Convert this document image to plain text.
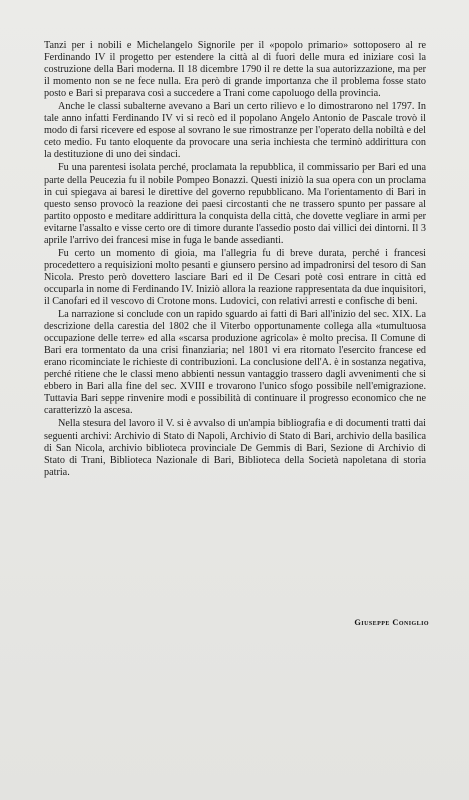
Tanzi per i nobili e Michelangelo Signorile per il «popolo primario» sottoposero al re Ferdinando IV il progetto per estendere la città al di fuori delle mura ed iniziare così la costruzione della Bari moderna. Il 18 dicembre 1790 il re dette la sua autorizzazione, ma per il momento non se ne fece nulla. Era però di grande importanza che il problema fosse stato posto e Bari si preparava così a succedere a Trani come capoluogo della provincia.

Anche le classi subalterne avevano a Bari un certo rilievo e lo dimostrarono nel 1797. In tale anno infatti Ferdinando IV vi si recò ed il popolano Angelo Antonio de Pascale trovò il modo di farsi ricevere ed espose al sovrano le sue rimostranze per l'operato della nobiltà e del ceto medio. Fu tanto eloquente da provocare una seria inchiesta che terminò addirittura con la destituzione di uno dei sindaci.

Fu una parentesi isolata perché, proclamata la repubblica, il commissario per Bari ed una parte della Peucezia fu il nobile Pompeo Bonazzi. Questi iniziò la sua opera con un proclama in cui spiegava ai baresi le direttive del governo repubblicano. Ma l'orientamento di Bari in questo senso provocò la reazione dei paesi circostanti che ne trassero spunto per passare al partito opposto e meditare addirittura la conquista della città, che dovette vegliare in armi per evitarne l'assalto e visse certo ore di timore durante l'assedio posto dai villici dei dintorni. Il 3 aprile l'arrivo dei francesi mise in fuga le bande assedianti.

Fu certo un momento di gioia, ma l'allegria fu di breve durata, perché i francesi procedettero a requisizioni molto pesanti e giunsero persino ad impadronirsi del tesoro di San Nicola. Presto però dovettero lasciare Bari ed il De Cesari potè così entrare in città ed occuparla in nome di Ferdinando IV. Iniziò allora la reazione rappresentata da due inquisitori, il Canofari ed il vescovo di Crotone mons. Ludovici, con relativi arresti e confische di beni.

La narrazione si conclude con un rapido sguardo ai fatti di Bari all'inizio del sec. XIX. La descrizione della carestia del 1802 che il Viterbo opportunamente collega alla «tumultuosa occupazione delle terre» ed alla «scarsa produzione agricola» è molto precisa. Il Comune di Bari era tormentato da una crisi finanziaria; nel 1801 vi era ritornato l'esercito francese ed erano ricominciate le richieste di contribuzioni. La conclusione dell'A. è in sostanza negativa, perché ritiene che le classi meno abbienti nessun vantaggio trassero dagli avvenimenti che si ebbero in Bari alla fine del sec. XVIII e trovarono l'unico sfogo possibile nell'emigrazione. Tuttavia Bari seppe rinvenire modi e possibilità di continuare il progresso economico che ne caratterizzò la ascesa.

Nella stesura del lavoro il V. si è avvalso di un'ampia bibliografia e di documenti tratti dai seguenti archivi: Archivio di Stato di Napoli, Archivio di Stato di Bari, archivio della basilica di San Nicola, archivio biblioteca provinciale De Gemmis di Bari, Sezione di Archivio di Stato di Trani, Biblioteca Nazionale di Bari, Biblioteca della Società napoletana di storia patria.

Giuseppe Coniglio
